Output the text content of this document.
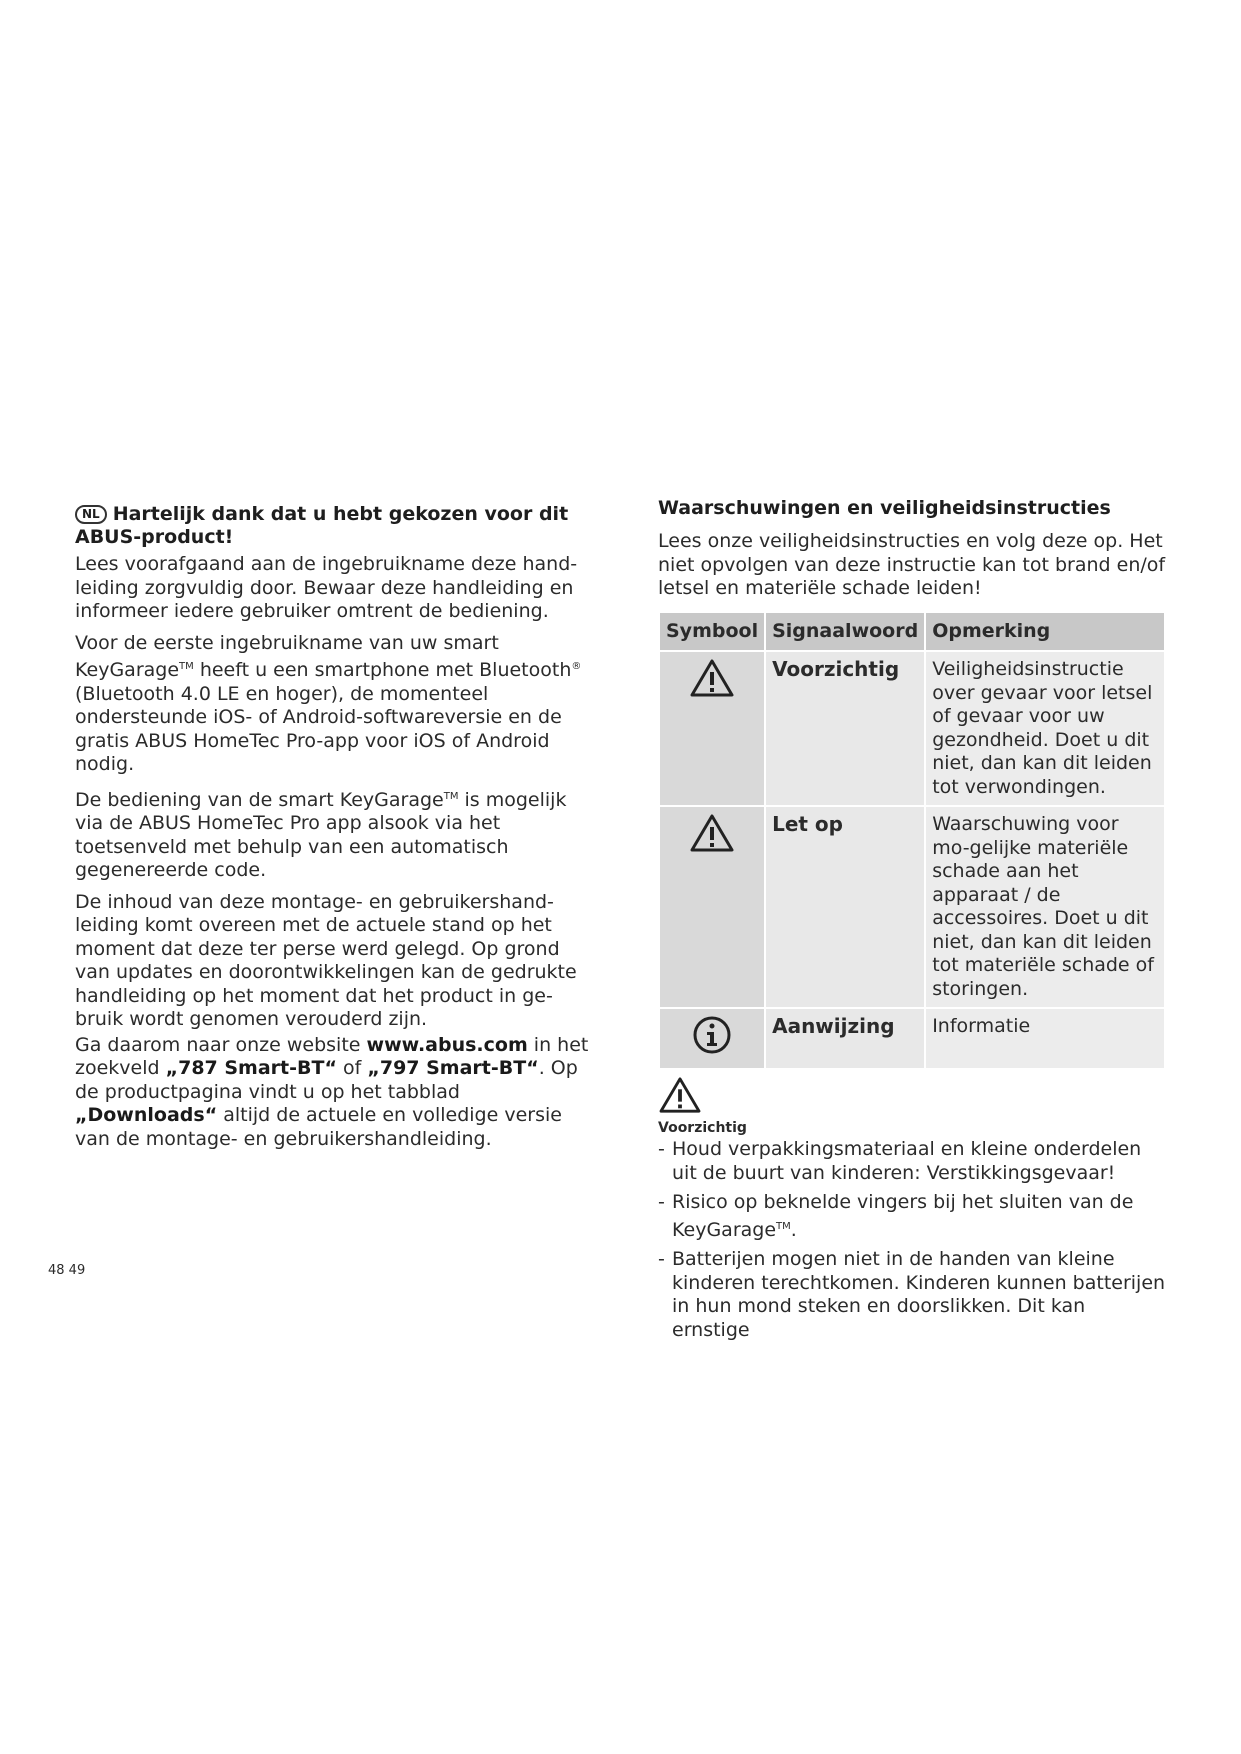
NL Hartelijk dank dat u hebt gekozen voor dit ABUS-product!

Lees voorafgaand aan de ingebruikname deze hand-leiding zorgvuldig door. Bewaar deze handleiding en informeer iedere gebruiker omtrent de bediening.

Voor de eerste ingebruikname van uw smart KeyGarage™ heeft u een smartphone met Bluetooth® (Bluetooth 4.0 LE en hoger), de momenteel ondersteunde iOS- of Android-softwareversie en de gratis ABUS HomeTec Pro-app voor iOS of Android nodig.

De bediening van de smart KeyGarage™ is mogelijk via de ABUS HomeTec Pro app alsook via het toetsenveld met behulp van een automatisch gegenereerde code.

De inhoud van deze montage- en gebruikershand-leiding komt overeen met de actuele stand op het moment dat deze ter perse werd gelegd. Op grond van updates en doorontwikkelingen kan de gedrukte handleiding op het moment dat het product in ge-bruik wordt genomen verouderd zijn.

Ga daarom naar onze website www.abus.com in het zoekveld „787 Smart-BT“ of „797 Smart-BT“. Op de productpagina vindt u op het tabblad „Downloads“ altijd de actuele en volledige versie van de montage- en gebruikershandleiding.

Waarschuwingen en veiligheidsinstructies

Lees onze veiligheidsinstructies en volg deze op. Het niet opvolgen van deze instructie kan tot brand en/of letsel en materiële schade leiden!

Symbool	Signaalwoord	Opmerking
	Voorzichtig	Veiligheidsinstructie over gevaar voor letsel of gevaar voor uw gezondheid. Doet u dit niet, dan kan dit leiden tot verwondingen.
	Let op	Waarschuwing voor mo-gelijke materiële schade aan het apparaat / de accessoires. Doet u dit niet, dan kan dit leiden tot materiële schade of storingen.
	Aanwijzing	Informatie
Voorzichtig
- Houd verpakkingsmateriaal en kleine onderdelen uit de buurt van kinderen: Verstikkingsgevaar!
- Risico op beknelde vingers bij het sluiten van de KeyGarage™.
- Batterijen mogen niet in de handen van kleine kinderen terechtkomen. Kinderen kunnen batterijen in hun mond steken en doorslikken. Dit kan ernstige
48 49
